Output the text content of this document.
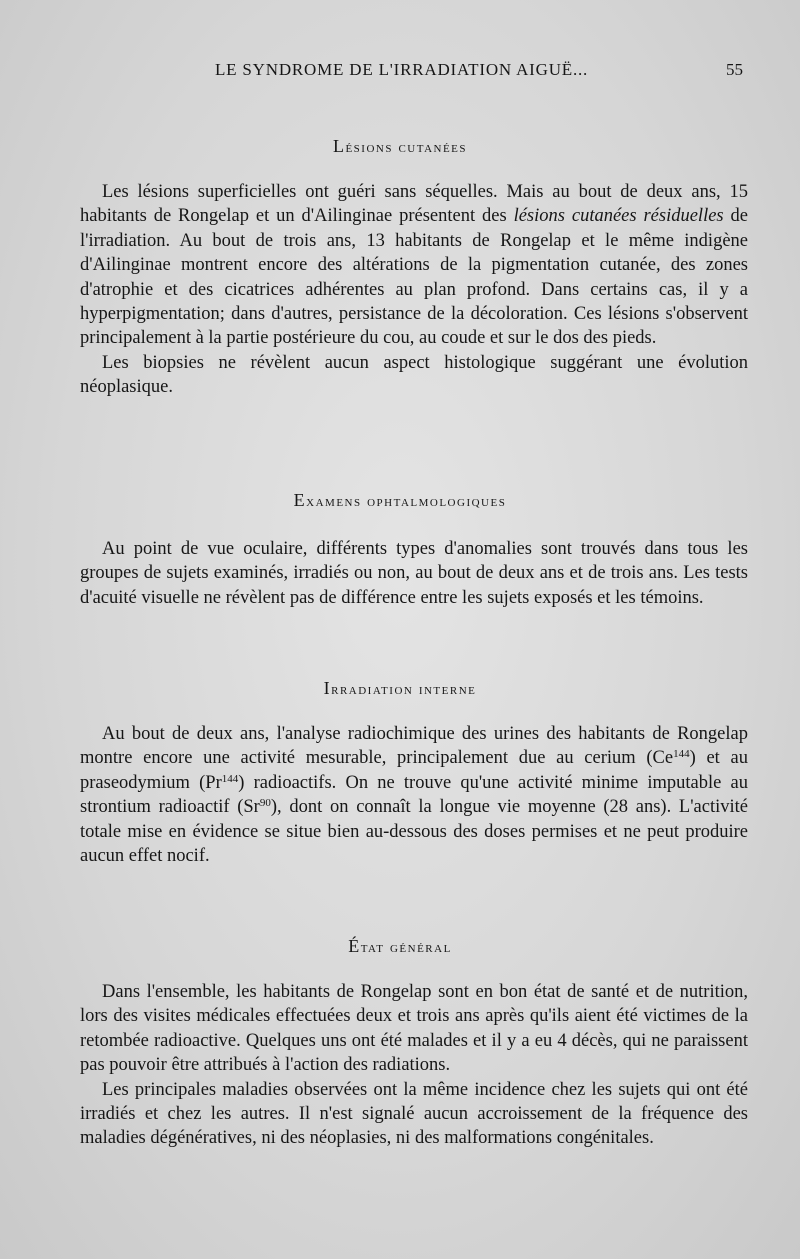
LE SYNDROME DE L'IRRADIATION AIGUË...	55
Lésions cutanées

Les lésions superficielles ont guéri sans séquelles. Mais au bout de deux ans, 15 habitants de Rongelap et un d'Ailinginae présentent des lésions cutanées résiduelles de l'irradiation. Au bout de trois ans, 13 habitants de Rongelap et le même indigène d'Ailinginae montrent encore des altérations de la pigmentation cutanée, des zones d'atrophie et des cicatrices adhérentes au plan profond. Dans certains cas, il y a hyperpigmentation; dans d'autres, persistance de la décoloration. Ces lésions s'observent principalement à la partie postérieure du cou, au coude et sur le dos des pieds.

Les biopsies ne révèlent aucun aspect histologique suggérant une évolution néoplasique.

Examens ophtalmologiques

Au point de vue oculaire, différents types d'anomalies sont trouvés dans tous les groupes de sujets examinés, irradiés ou non, au bout de deux ans et de trois ans. Les tests d'acuité visuelle ne révèlent pas de différence entre les sujets exposés et les témoins.

Irradiation interne

Au bout de deux ans, l'analyse radiochimique des urines des habitants de Rongelap montre encore une activité mesurable, principalement due au cerium (Ce$^{144}$) et au praseodymium (Pr$^{144}$) radioactifs. On ne trouve qu'une activité minime imputable au strontium radioactif (Sr$^{90}$), dont on connaît la longue vie moyenne (28 ans). L'activité totale mise en évidence se situe bien au-dessous des doses permises et ne peut produire aucun effet nocif.

État général

Dans l'ensemble, les habitants de Rongelap sont en bon état de santé et de nutrition, lors des visites médicales effectuées deux et trois ans après qu'ils aient été victimes de la retombée radioactive. Quelques uns ont été malades et il y a eu 4 décès, qui ne paraissent pas pouvoir être attribués à l'action des radiations.

Les principales maladies observées ont la même incidence chez les sujets qui ont été irradiés et chez les autres. Il n'est signalé aucun accroissement de la fréquence des maladies dégénératives, ni des néoplasies, ni des malformations congénitales.
